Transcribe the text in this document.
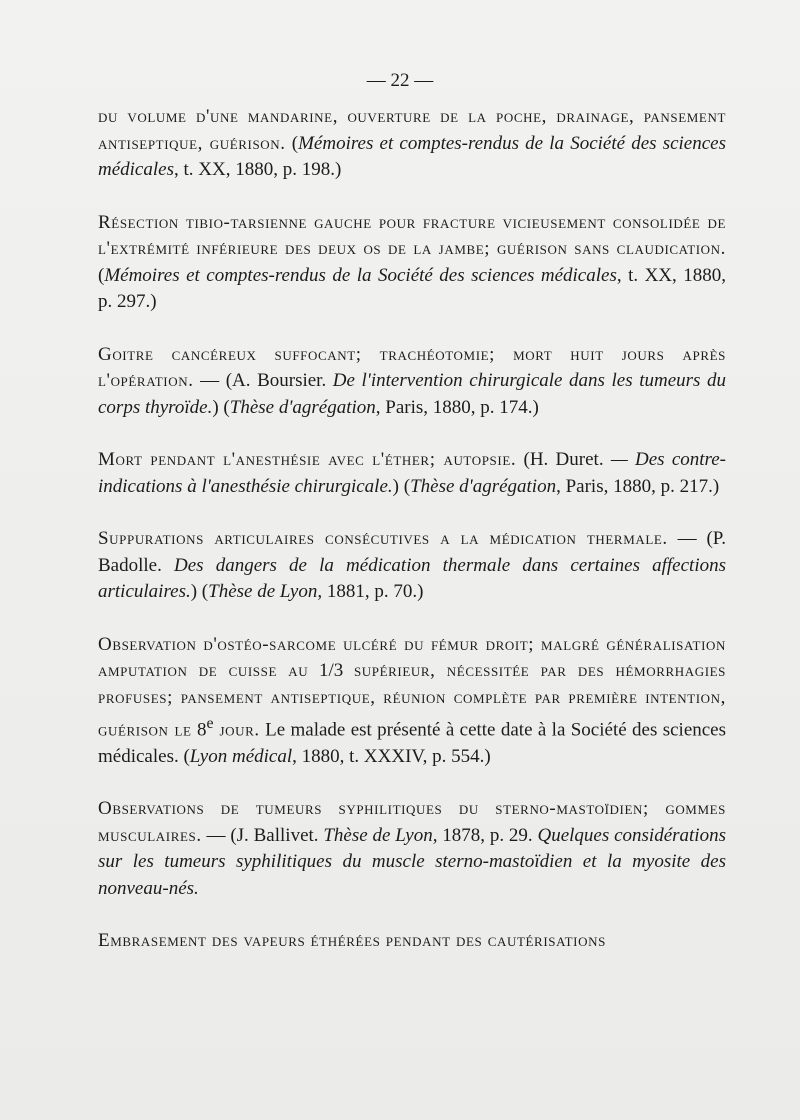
— 22 —

du volume d'une mandarine, ouverture de la poche, drainage, pansement antiseptique, guérison. (Mémoires et comptes-rendus de la Société des sciences médicales, t. XX, 1880, p. 198.)

Résection tibio-tarsienne gauche pour fracture vicieusement consolidée de l'extrémité inférieure des deux os de la jambe; guérison sans claudication. (Mémoires et comptes-rendus de la Société des sciences médicales, t. XX, 1880, p. 297.)

Goitre cancéreux suffocant; trachéotomie; mort huit jours après l'opération. — (A. Boursier. De l'intervention chirurgicale dans les tumeurs du corps thyroïde.) (Thèse d'agrégation, Paris, 1880, p. 174.)

Mort pendant l'anesthésie avec l'éther; autopsie. (H. Duret. — Des contre-indications à l'anesthésie chirurgicale.) (Thèse d'agrégation, Paris, 1880, p. 217.)

Suppurations articulaires consécutives a la médication thermale. — (P. Badolle. Des dangers de la médication thermale dans certaines affections articulaires.) (Thèse de Lyon, 1881, p. 70.)

Observation d'ostéo-sarcome ulcéré du fémur droit; malgré généralisation amputation de cuisse au 1/3 supérieur, nécessitée par des hémorrhagies profuses; pansement antiseptique, réunion complète par première intention, guérison le 8e jour. Le malade est présenté à cette date à la Société des sciences médicales. (Lyon médical, 1880, t. XXXIV, p. 554.)

Observations de tumeurs syphilitiques du sterno-mastoïdien; gommes musculaires. — (J. Ballivet. Thèse de Lyon, 1878, p. 29. Quelques considérations sur les tumeurs syphilitiques du muscle sterno-mastoïdien et la myosite des nonveau-nés.

Embrasement des vapeurs éthérées pendant des cautérisations
